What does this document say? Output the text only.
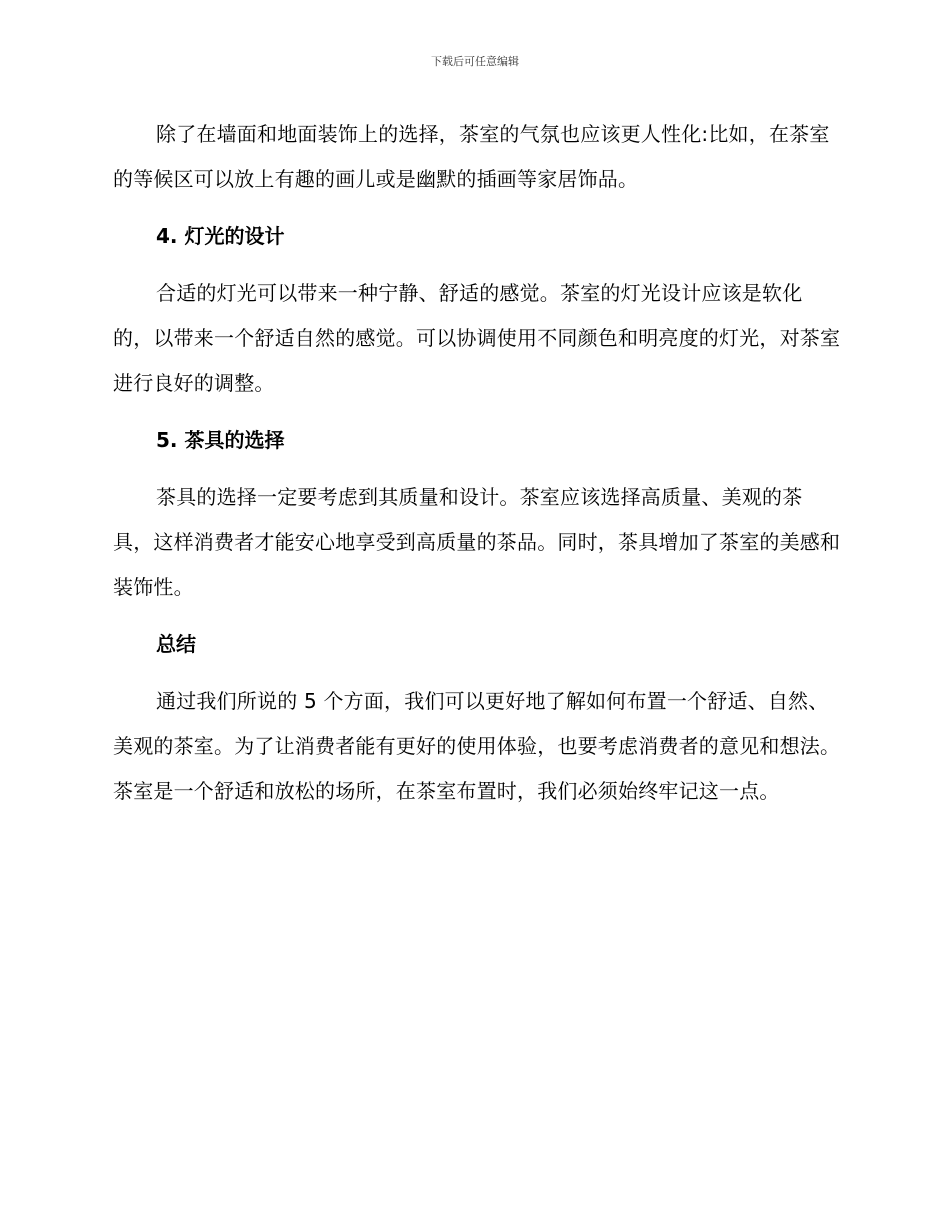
下载后可任意编辑

除了在墙面和地面装饰上的选择，茶室的气氛也应该更人性化:比如，在茶室的等候区可以放上有趣的画儿或是幽默的插画等家居饰品。

4. 灯光的设计

合适的灯光可以带来一种宁静、舒适的感觉。茶室的灯光设计应该是软化的，以带来一个舒适自然的感觉。可以协调使用不同颜色和明亮度的灯光，对茶室进行良好的调整。

5. 茶具的选择

茶具的选择一定要考虑到其质量和设计。茶室应该选择高质量、美观的茶具，这样消费者才能安心地享受到高质量的茶品。同时，茶具增加了茶室的美感和装饰性。

总结

通过我们所说的 5 个方面，我们可以更好地了解如何布置一个舒适、自然、美观的茶室。为了让消费者能有更好的使用体验，也要考虑消费者的意见和想法。茶室是一个舒适和放松的场所，在茶室布置时，我们必须始终牢记这一点。
